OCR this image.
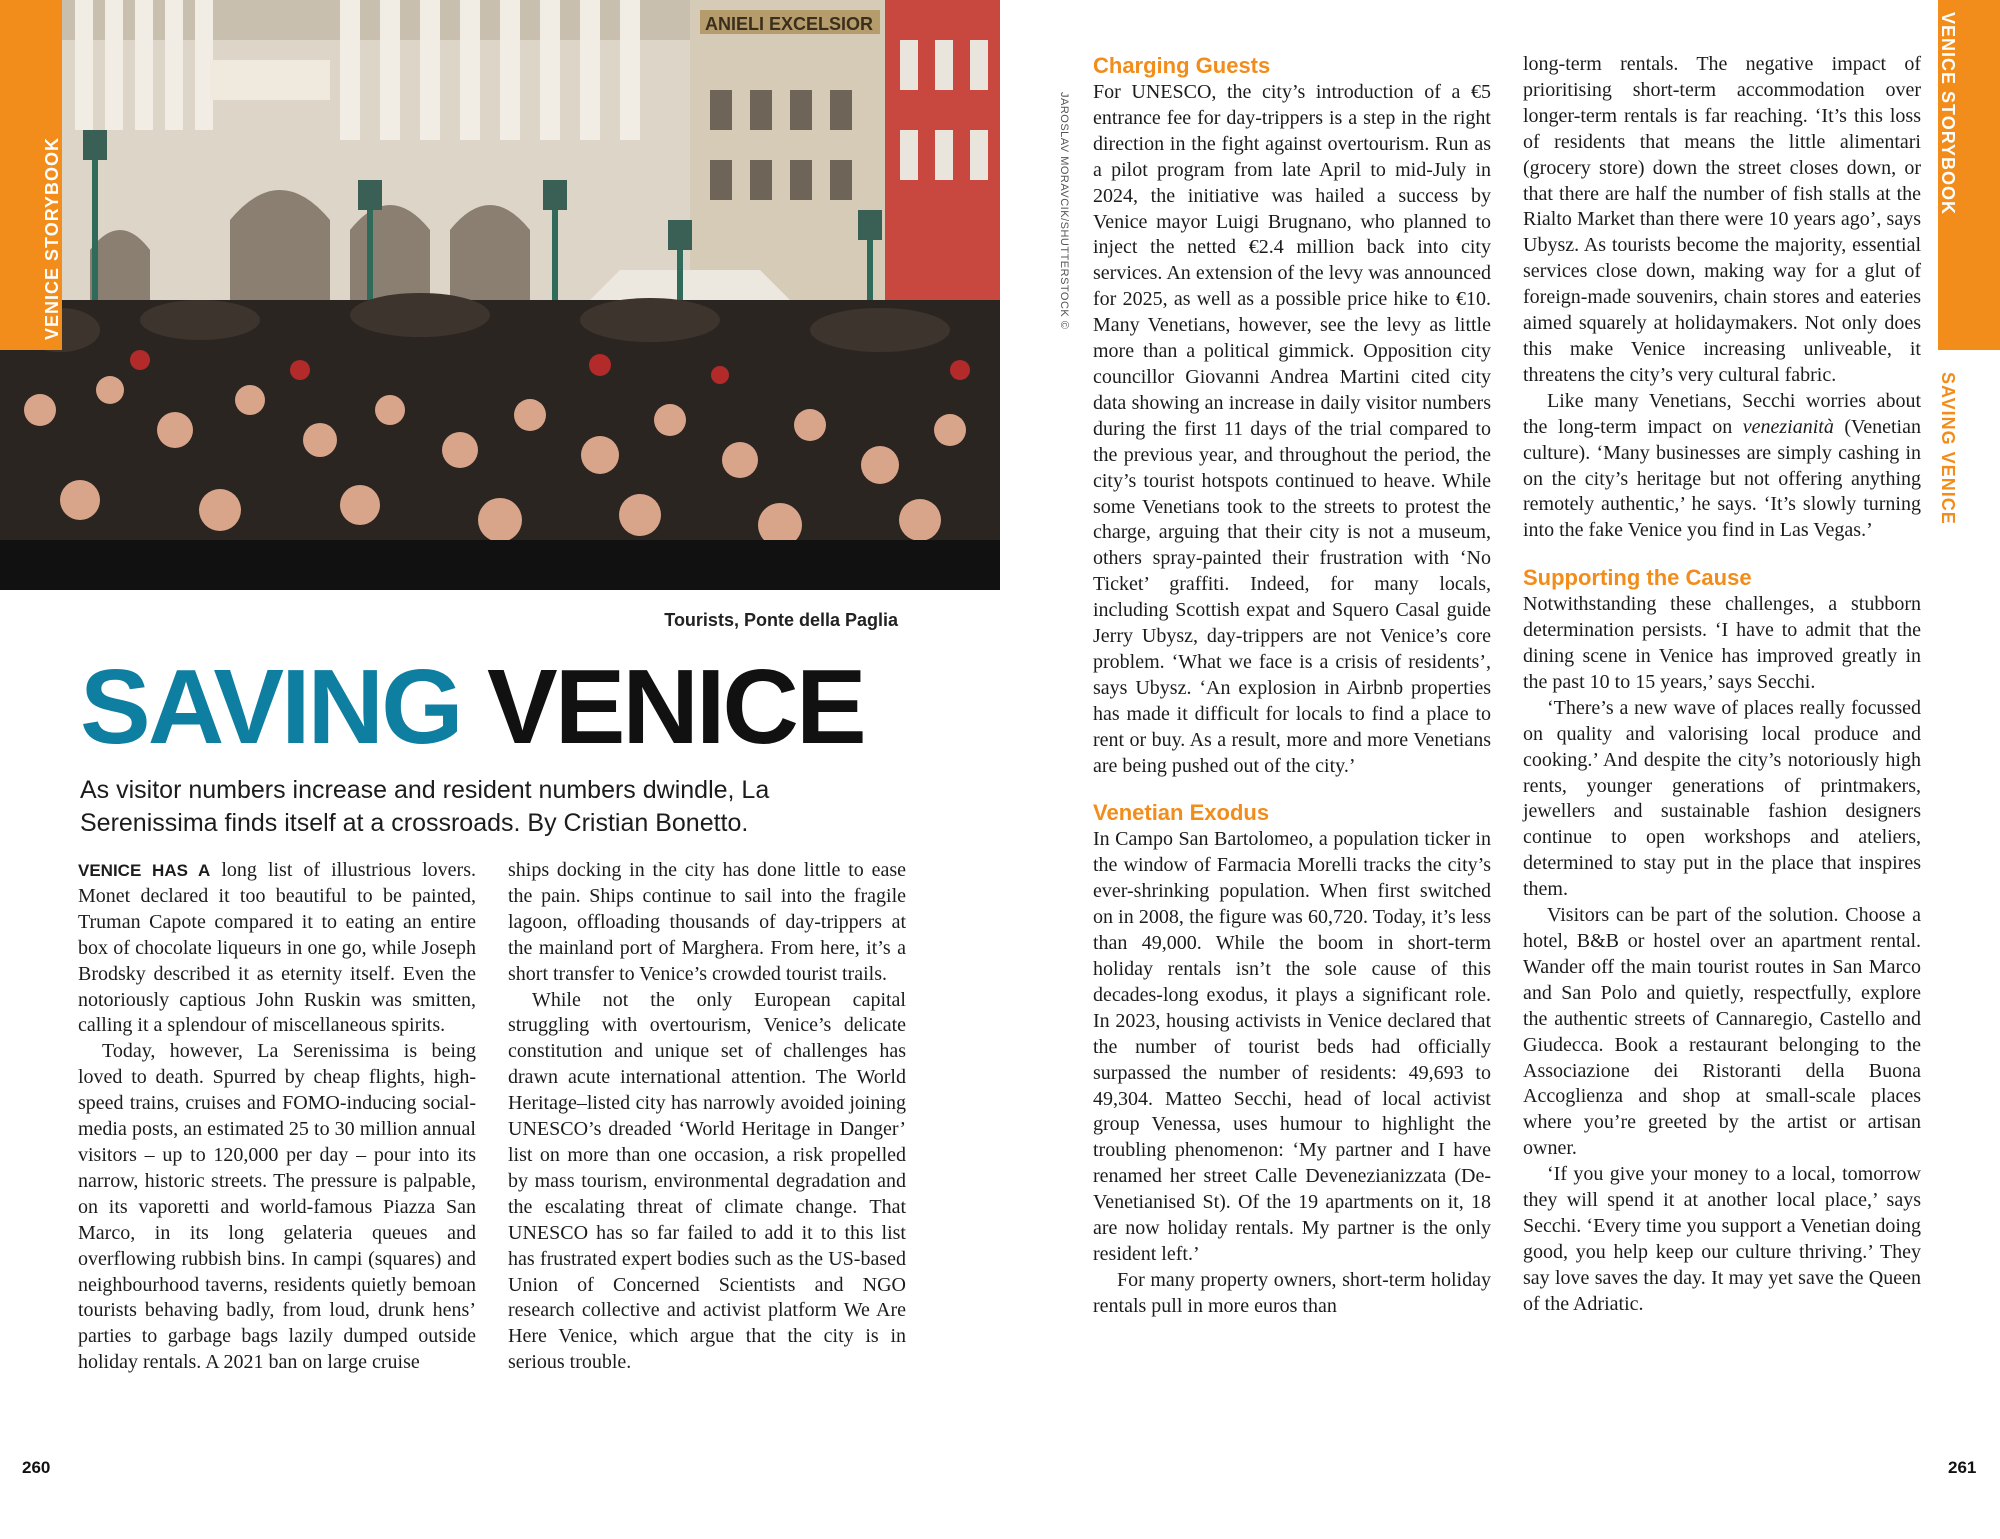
ANIELI EXCELSIOR
VENICE STORYBOOK
Tourists, Ponte della Paglia
SAVING VENICE

As visitor numbers increase and resident numbers dwindle, La Serenissima finds itself at a crossroads. By Cristian Bonetto.

VENICE HAS A long list of illustrious lovers. Monet declared it too beautiful to be painted, Truman Capote compared it to eating an entire box of chocolate liqueurs in one go, while Joseph Brodsky described it as eternity itself. Even the notoriously captious John Ruskin was smitten, calling it a splendour of miscellaneous spirits.

Today, however, La Serenissima is being loved to death. Spurred by cheap flights, high-speed trains, cruises and FOMO-inducing social-media posts, an estimated 25 to 30 million annual visitors – up to 120,000 per day – pour into its narrow, historic streets. The pressure is palpable, on its vaporetti and world-famous Piazza San Marco, in its long gelateria queues and overflowing rubbish bins. In campi (squares) and neighbourhood taverns, residents quietly bemoan tourists behaving badly, from loud, drunk hens’ parties to garbage bags lazily dumped outside holiday rentals. A 2021 ban on large cruise

ships docking in the city has done little to ease the pain. Ships continue to sail into the fragile lagoon, offloading thousands of day-trippers at the mainland port of Marghera. From here, it’s a short transfer to Venice’s crowded tourist trails.

While not the only European capital struggling with overtourism, Venice’s delicate constitution and unique set of challenges has drawn acute international attention. The World Heritage–listed city has narrowly avoided joining UNESCO’s dreaded ‘World Heritage in Danger’ list on more than one occasion, a risk propelled by mass tourism, environmental degradation and the escalating threat of climate change. That UNESCO has so far failed to add it to this list has frustrated expert bodies such as the US-based Union of Concerned Scientists and NGO research collective and activist platform We Are Here Venice, which argue that the city is in serious trouble.

260
VENICE STORYBOOK
JAROSLAV MORAVCIK/SHUTTERSTOCK ©
SAVING VENICE
Charging Guests

For UNESCO, the city’s introduction of a €5 entrance fee for day-trippers is a step in the right direction in the fight against overtourism. Run as a pilot program from late April to mid-July in 2024, the initiative was hailed a success by Venice mayor Luigi Brugnano, who planned to inject the netted €2.4 million back into city services. An extension of the levy was announced for 2025, as well as a possible price hike to €10. Many Venetians, however, see the levy as little more than a political gimmick. Opposition city councillor Giovanni Andrea Martini cited city data showing an increase in daily visitor numbers during the first 11 days of the trial compared to the previous year, and throughout the period, the city’s tourist hotspots continued to heave. While some Venetians took to the streets to protest the charge, arguing that their city is not a museum, others spray-painted their frustration with ‘No Ticket’ graffiti. Indeed, for many locals, including Scottish expat and Squero Casal guide Jerry Ubysz, day-trippers are not Venice’s core problem. ‘What we face is a crisis of residents’, says Ubysz. ‘An explosion in Airbnb properties has made it difficult for locals to find a place to rent or buy. As a result, more and more Venetians are being pushed out of the city.’

Venetian Exodus

In Campo San Bartolomeo, a population ticker in the window of Farmacia Morelli tracks the city’s ever-shrinking population. When first switched on in 2008, the figure was 60,720. Today, it’s less than 49,000. While the boom in short-term holiday rentals isn’t the sole cause of this decades-long exodus, it plays a significant role. In 2023, housing activists in Venice declared that the number of tourist beds had officially surpassed the number of residents: 49,693 to 49,304. Matteo Secchi, head of local activist group Venessa, uses humour to highlight the troubling phenomenon: ‘My partner and I have renamed her street Calle Devenezianizzata (De-Venetianised St). Of the 19 apartments on it, 18 are now holiday rentals. My partner is the only resident left.’

For many property owners, short-term holiday rentals pull in more euros than

long-term rentals. The negative impact of prioritising short-term accommodation over longer-term rentals is far reaching. ‘It’s this loss of residents that means the little alimentari (grocery store) down the street closes down, or that there are half the number of fish stalls at the Rialto Market than there were 10 years ago’, says Ubysz. As tourists become the majority, essential services close down, making way for a glut of foreign-made souvenirs, chain stores and eateries aimed squarely at holidaymakers. Not only does this make Venice increasing unliveable, it threatens the city’s very cultural fabric.

Like many Venetians, Secchi worries about the long-term impact on venezianità (Venetian culture). ‘Many businesses are simply cashing in on the city’s heritage but not offering anything remotely authentic,’ he says. ‘It’s slowly turning into the fake Venice you find in Las Vegas.’

Supporting the Cause

Notwithstanding these challenges, a stubborn determination persists. ‘I have to admit that the dining scene in Venice has improved greatly in the past 10 to 15 years,’ says Secchi.

‘There’s a new wave of places really focussed on quality and valorising local produce and cooking.’ And despite the city’s notoriously high rents, younger generations of printmakers, jewellers and sustainable fashion designers continue to open workshops and ateliers, determined to stay put in the place that inspires them.

Visitors can be part of the solution. Choose a hotel, B&B or hostel over an apartment rental. Wander off the main tourist routes in San Marco and San Polo and quietly, respectfully, explore the authentic streets of Cannaregio, Castello and Giudecca. Book a restaurant belonging to the Associazione dei Ristoranti della Buona Accoglienza and shop at small-scale places where you’re greeted by the artist or artisan owner.

‘If you give your money to a local, tomorrow they will spend it at another local place,’ says Secchi. ‘Every time you support a Venetian doing good, you help keep our culture thriving.’ They say love saves the day. It may yet save the Queen of the Adriatic.

261
